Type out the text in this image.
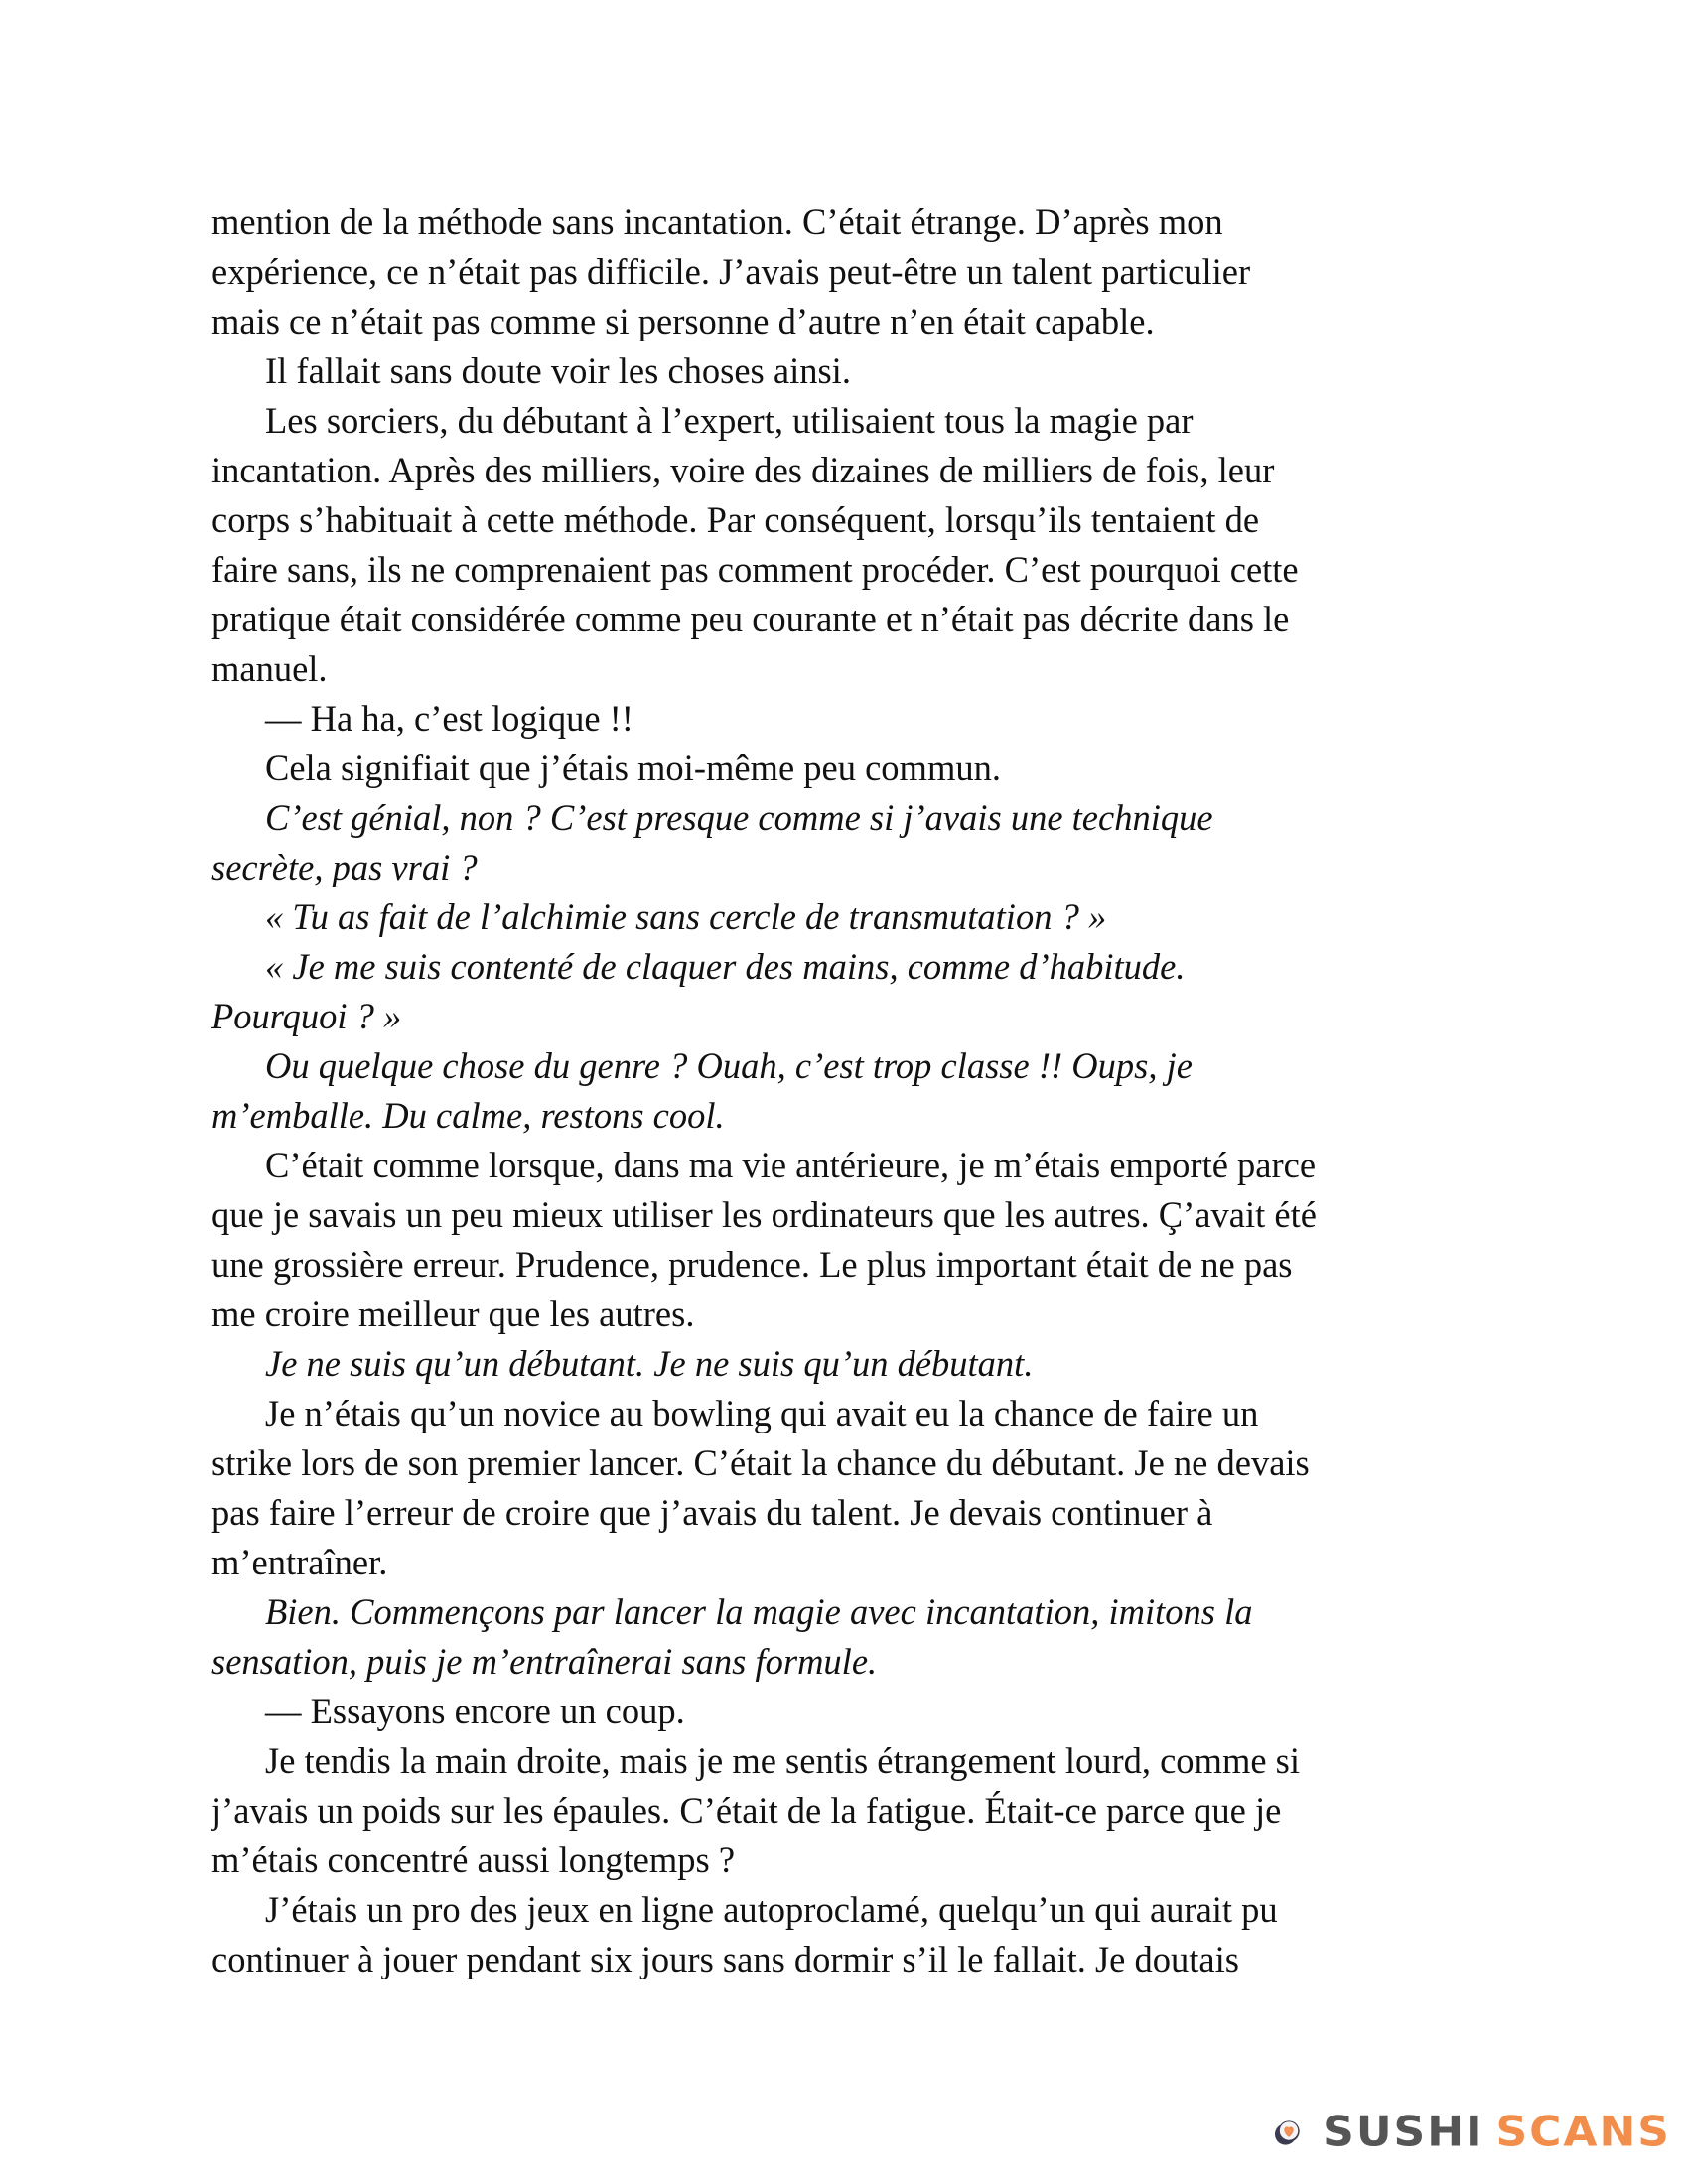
mention de la méthode sans incantation. C’était étrange. D’après mon
expérience, ce n’était pas difficile. J’avais peut-être un talent particulier
mais ce n’était pas comme si personne d’autre n’en était capable.
Il fallait sans doute voir les choses ainsi.
Les sorciers, du débutant à l’expert, utilisaient tous la magie par
incantation. Après des milliers, voire des dizaines de milliers de fois, leur
corps s’habituait à cette méthode. Par conséquent, lorsqu’ils tentaient de
faire sans, ils ne comprenaient pas comment procéder. C’est pourquoi cette
pratique était considérée comme peu courante et n’était pas décrite dans le
manuel.
— Ha ha, c’est logique !!
Cela signifiait que j’étais moi-même peu commun.
C’est génial, non ? C’est presque comme si j’avais une technique
secrète, pas vrai ?
« Tu as fait de l’alchimie sans cercle de transmutation ? »
« Je me suis contenté de claquer des mains, comme d’habitude.
Pourquoi ? »
Ou quelque chose du genre ? Ouah, c’est trop classe !! Oups, je
m’emballe. Du calme, restons cool.
C’était comme lorsque, dans ma vie antérieure, je m’étais emporté parce
que je savais un peu mieux utiliser les ordinateurs que les autres. Ç’avait été
une grossière erreur. Prudence, prudence. Le plus important était de ne pas
me croire meilleur que les autres.
Je ne suis qu’un débutant. Je ne suis qu’un débutant.
Je n’étais qu’un novice au bowling qui avait eu la chance de faire un
strike lors de son premier lancer. C’était la chance du débutant. Je ne devais
pas faire l’erreur de croire que j’avais du talent. Je devais continuer à
m’entraîner.
Bien. Commençons par lancer la magie avec incantation, imitons la
sensation, puis je m’entraînerai sans formule.
— Essayons encore un coup.
Je tendis la main droite, mais je me sentis étrangement lourd, comme si
j’avais un poids sur les épaules. C’était de la fatigue. Était-ce parce que je
m’étais concentré aussi longtemps ?
J’étais un pro des jeux en ligne autoproclamé, quelqu’un qui aurait pu
continuer à jouer pendant six jours sans dormir s’il le fallait. Je doutais
SUSHI SCANS
